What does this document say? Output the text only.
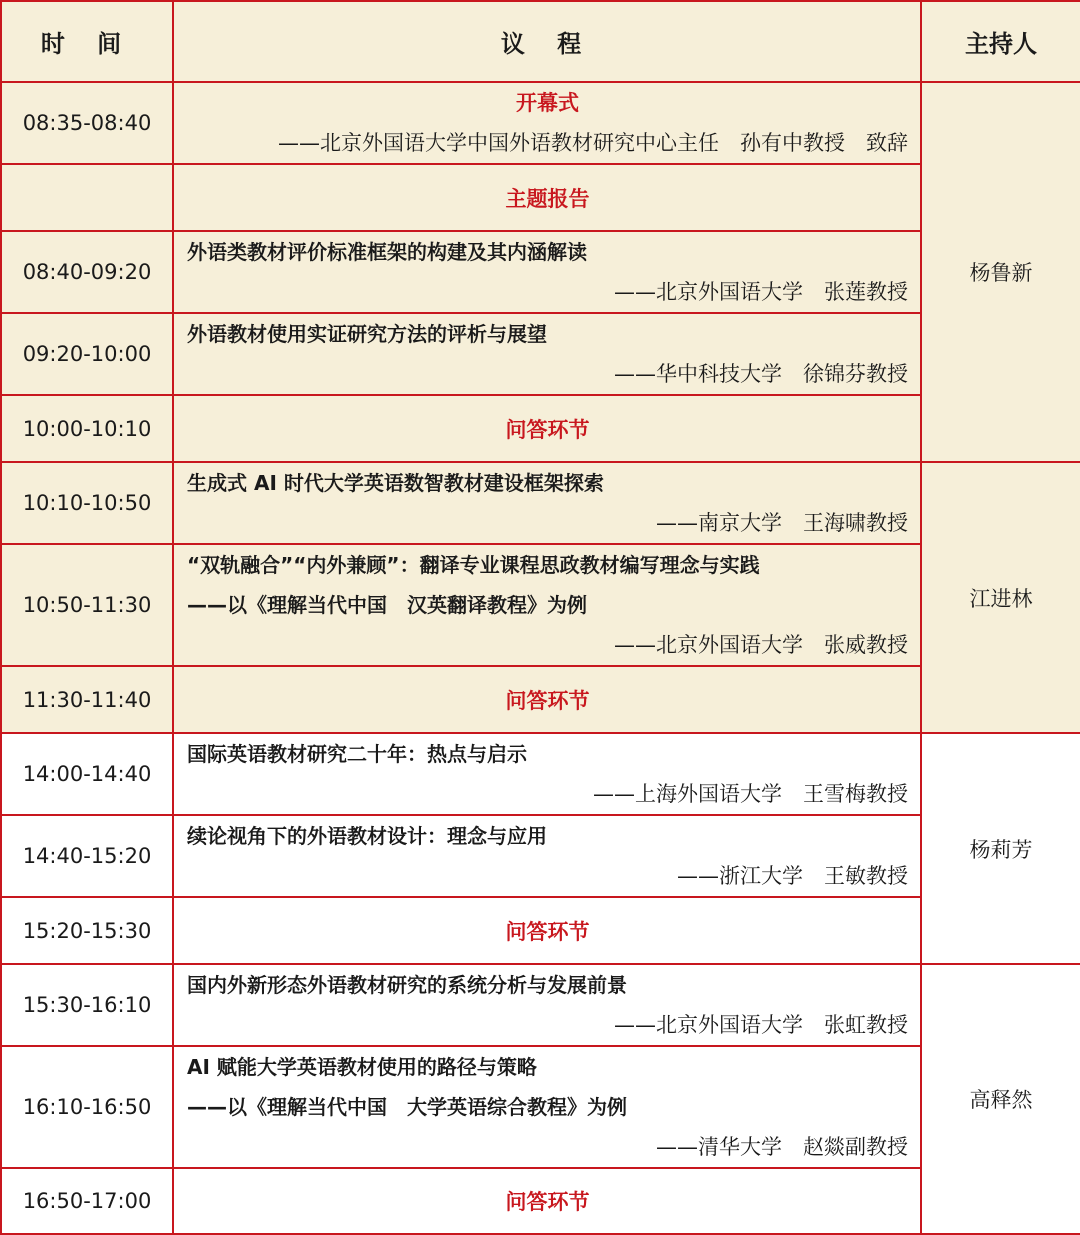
时 间	议 程	主持人
08:35-08:40	开幕式
——北京外国语大学中国外语教材研究中心主任　孙有中教授　致辞	杨鲁新

	主题报告	

08:40-09:20	外语类教材评价标准框架的构建及其内涵解读
——北京外国语大学　张莲教授	

09:20-10:00	外语教材使用实证研究方法的评析与展望
——华中科技大学　徐锦芬教授	

10:00-10:10	问答环节	

10:10-10:50	生成式 AI 时代大学英语数智教材建设框架探索
——南京大学　王海啸教授	江进林
10:50-11:30	“双轨融合”“内外兼顾”：翻译专业课程思政教材编写理念与实践
——以《理解当代中国　汉英翻译教程》为例
——北京外国语大学　张威教授	

11:30-11:40	问答环节	

14:00-14:40	国际英语教材研究二十年：热点与启示
——上海外国语大学　王雪梅教授	杨莉芳
14:40-15:20	续论视角下的外语教材设计：理念与应用
——浙江大学　王敏教授	

15:20-15:30	问答环节	

15:30-16:10	国内外新形态外语教材研究的系统分析与发展前景
——北京外国语大学　张虹教授	高释然
16:10-16:50	AI 赋能大学英语教材使用的路径与策略
——以《理解当代中国　大学英语综合教程》为例
——清华大学　赵燚副教授	

16:50-17:00	问答环节	
